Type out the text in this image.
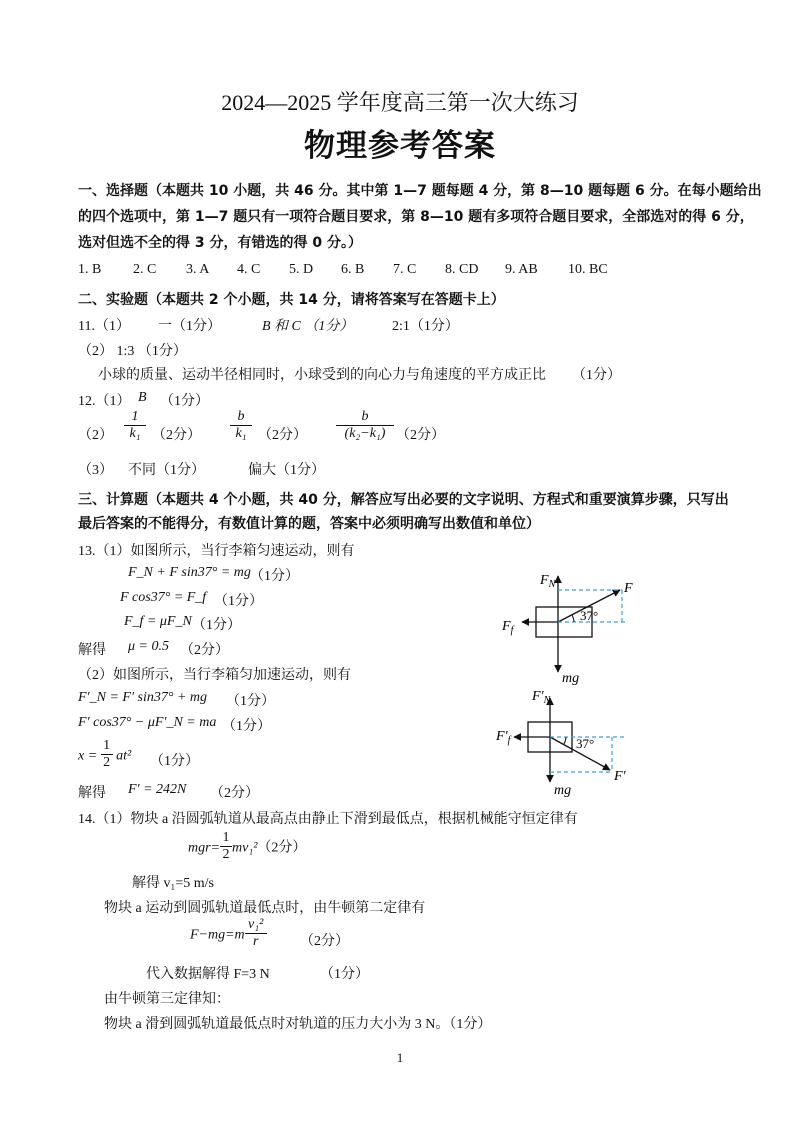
2024—2025 学年度高三第一次大练习
物理参考答案
一、选择题（本题共 10 小题，共 46 分。其中第 1—7 题每题 4 分，第 8—10 题每题 6 分。在每小题给出
的四个选项中，第 1—7 题只有一项符合题目要求，第 8—10 题有多项符合题目要求，全部选对的得 6 分，
选对但选不全的得 3 分，有错选的得 0 分。）
1. B 2. C 3. A 4. C 5. D 6. B 7. C 8. CD 9. AB 10. BC
二、实验题（本题共 2 个小题，共 14 分，请将答案写在答题卡上）
11.（1） 一（1分）	B 和 C （1分）	2:1（1分）
（2） 1:3 （1分）
小球的质量、运动半径相同时，小球受到的向心力与角速度的平方成正比 （1分）
12.（1） B （1分）
$(2) \frac{1}{\text{k₁}} (2$分） $\frac{b}{\text{k₁}} (2$分） $\frac{b}{\text{(k₂−k₁)}} (2$分）
（3） 不同（1分）	偏大（1分）
三、计算题（本题共 4 个小题，共 40 分，解答应写出必要的文字说明、方程式和重要演算步骤，只写出
最后答案的不能得分，有数值计算的题，答案中必须明确写出数值和单位）
13.（1）如图所示，当行李箱匀速运动，则有
F_N + F sin37° = mg （1分）
F cos37° = F_f （1分）
F_f = μF_N （1分）
解得 μ = 0.5 （2分）
（2）如图所示，当行李箱匀加速运动，则有
F′_N = F′ sin37° + mg （1分）
F′ cos37° − μF′_N = ma （1分）
$x = \frac{1}{2} at^2$ （1分）
解得 F′ = 242N （2分）
37°
$F_N$	F
$F_f$
mg
37°
$F'_N$
F′
$F'_f$
mg
14.（1）物块 a 沿圆弧轨道从最高点由静止下滑到最低点，根据机械能守恒定律有
$mgr= \frac{1}{2} mv_1^2(2$分）
解得 v₁=5 m/s
物块 a 运动到圆弧轨道最低点时，由牛顿第二定律有
$F-mg=m \frac{\text{v₁²}}{r} (2$分）
代入数据解得 F=3 N	（1分）
由牛顿第三定律知：
物块 a 滑到圆弧轨道最低点时对轨道的压力大小为 3 N。（1分）
1
